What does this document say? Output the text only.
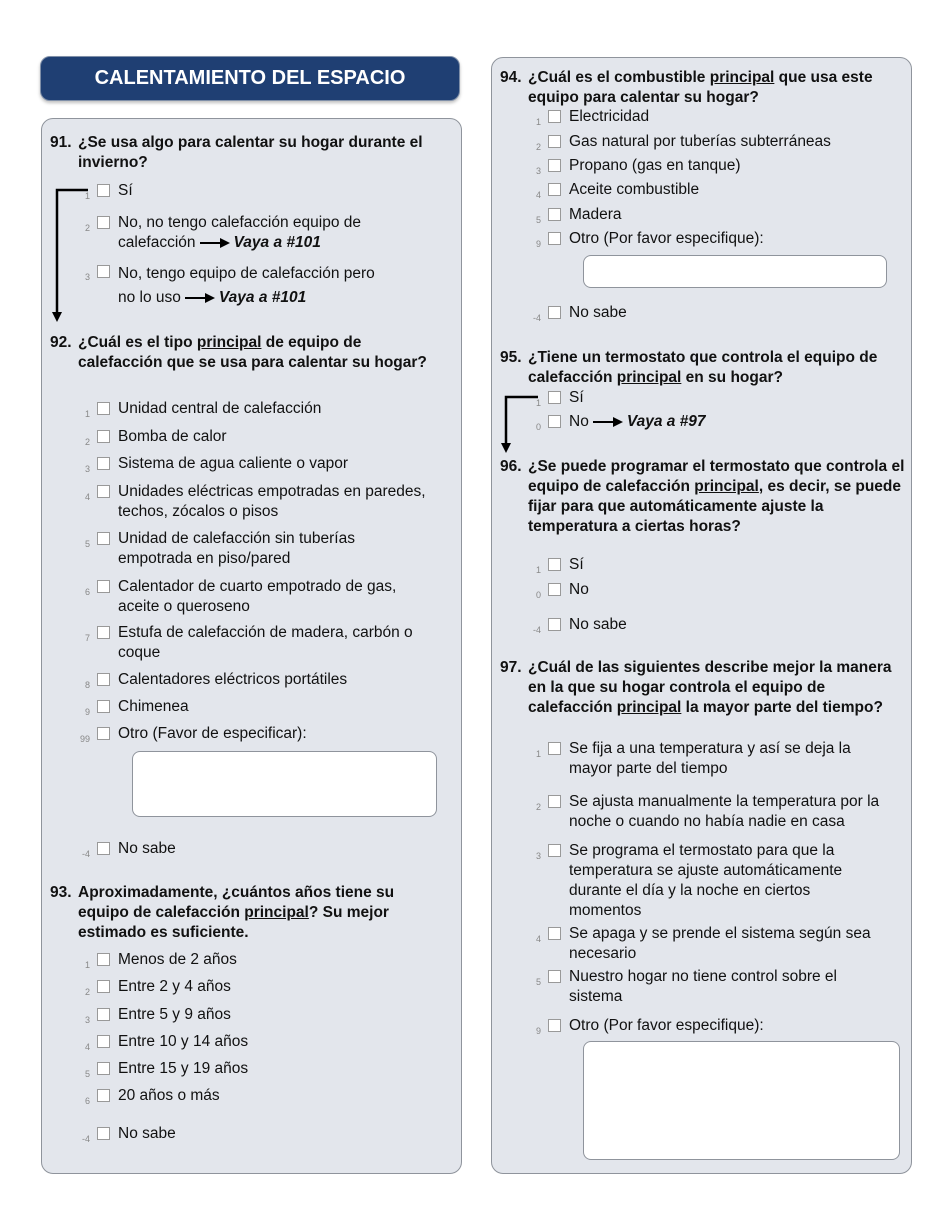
CALENTAMIENTO DEL ESPACIO
91. ¿Se usa algo para calentar su hogar durante el invierno?
1	Sí
2	No, no tengo calefacción equipo de calefacción Vaya a #101
3	No, tengo equipo de calefacción pero no lo uso Vaya a #101
92. ¿Cuál es el tipo principal de equipo de calefacción que se usa para calentar su hogar?
1	Unidad central de calefacción
2	Bomba de calor
3	Sistema de agua caliente o vapor
4	Unidades eléctricas empotradas en paredes, techos, zócalos o pisos
5	Unidad de calefacción sin tuberías empotrada en piso/pared
6	Calentador de cuarto empotrado de gas, aceite o queroseno
7	Estufa de calefacción de madera, carbón o coque
8	Calentadores eléctricos portátiles
9	Chimenea
99	Otro (Favor de especificar):
-4	No sabe
93. Aproximadamente, ¿cuántos años tiene su equipo de calefacción principal? Su mejor estimado es suficiente.
1	Menos de 2 años
2	Entre 2 y 4 años
3	Entre 5 y 9 años
4	Entre 10 y 14 años
5	Entre 15 y 19 años
6	20 años o más
-4	No sabe
94. ¿Cuál es el combustible principal que usa este equipo para calentar su hogar?
1	Electricidad
2	Gas natural por tuberías subterráneas
3	Propano (gas en tanque)
4	Aceite combustible
5	Madera
9	Otro (Por favor especifique):
-4	No sabe
95. ¿Tiene un termostato que controla el equipo de calefacción principal en su hogar?
1	Sí
0	No Vaya a #97
96. ¿Se puede programar el termostato que controla el equipo de calefacción principal, es decir, se puede fijar para que automáticamente ajuste la temperatura a ciertas horas?
1	Sí
0	No
-4	No sabe
97. ¿Cuál de las siguientes describe mejor la manera en la que su hogar controla el equipo de calefacción principal la mayor parte del tiempo?
1	Se fija a una temperatura y así se deja la mayor parte del tiempo
2	Se ajusta manualmente la temperatura por la noche o cuando no había nadie en casa
3	Se programa el termostato para que la temperatura se ajuste automáticamente durante el día y la noche en ciertos momentos
4	Se apaga y se prende el sistema según sea necesario
5	Nuestro hogar no tiene control sobre el sistema
9	Otro (Por favor especifique):
